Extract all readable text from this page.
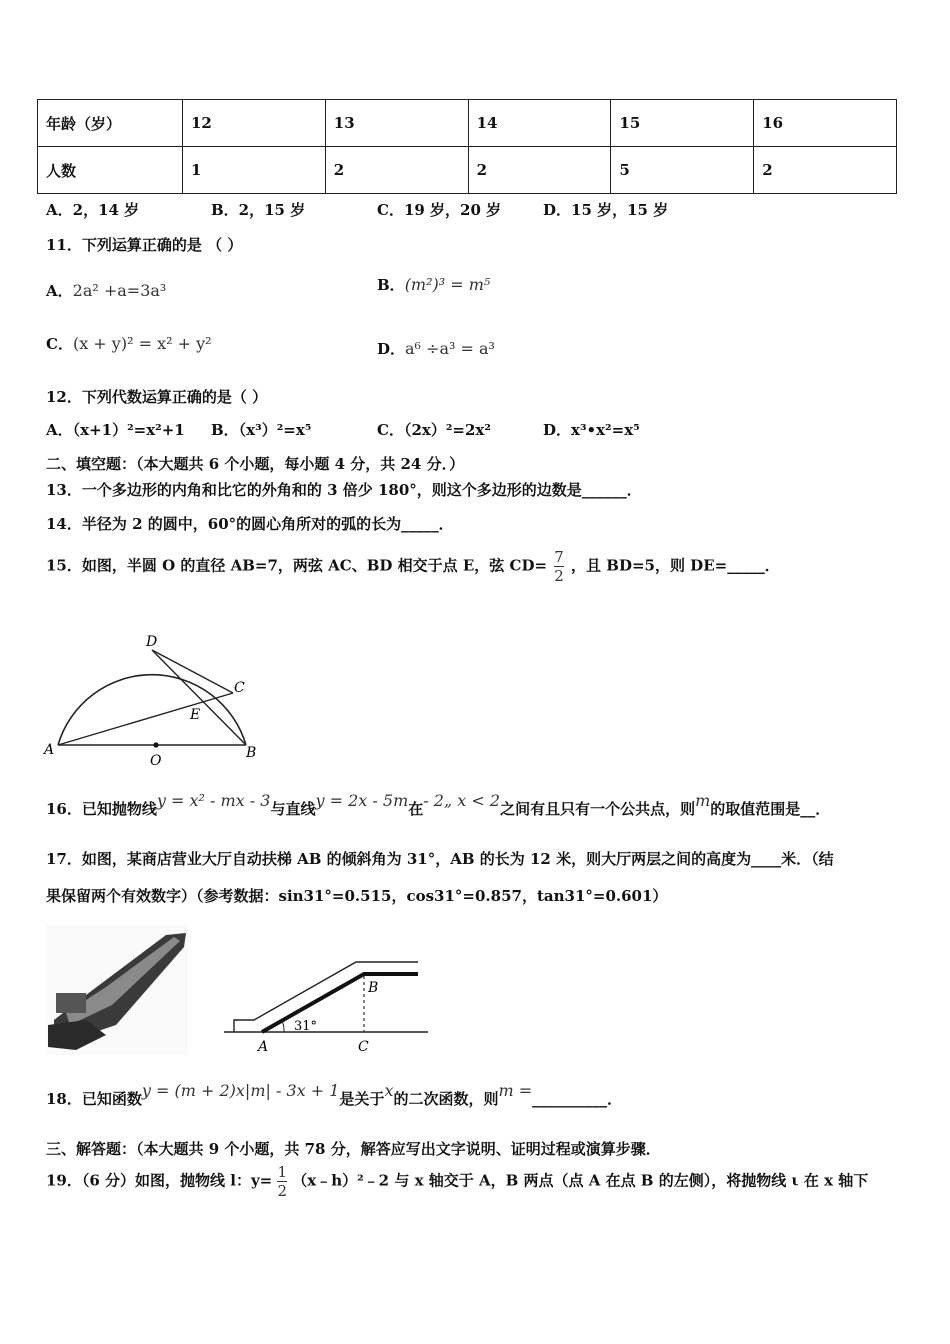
年龄（岁）	12	13	14	15	16
人数	1	2	2	5	2
A．2，14 岁	B．2，15 岁	C．19 岁，20 岁	D．15 岁，15 岁
11．下列运算正确的是 （ ）
A．2a² +a=3a³	B．(m²)³ = m⁵
C．(x + y)² = x² + y²	D．a⁶ ÷a³ = a³
12．下列代数运算正确的是（ ）
A．（x+1）²=x²+1 B．（x³）²=x⁵	C．（2x）²=2x²	D．x³•x²=x⁵
二、填空题：（本大题共 6 个小题，每小题 4 分，共 24 分．）
13．一个多边形的内角和比它的外角和的 3 倍少 180°，则这个多边形的边数是______．
14．半径为 2 的圆中，60°的圆心角所对的弧的长为_____．
15．如图，半圆 O 的直径 AB=7，两弦 AC、BD 相交于点 E，弦 $CD= \frac{7}{2}$ ，且 BD=5，则 DE=_____．
D
C
E
A	B
O
16．已知抛物线y = x² - mx - 3与直线y = 2x - 5m在- 2„ x < 2之间有且只有一个公共点，则m的取值范围是__．
17．如图，某商店营业大厅自动扶梯 AB 的倾斜角为 31°，AB 的长为 12 米，则大厅两层之间的高度为____米．（结
果保留两个有效数字）（参考数据：sin31°=0.515，cos31°=0.857，tan31°=0.601）
31°
B
A	C
18．已知函数y = (m + 2)x|m| - 3x + 1是关于x的二次函数，则m =__________．
三、解答题：（本大题共 9 个小题，共 78 分，解答应写出文字说明、证明过程或演算步骤．
19．（6 分）如图，抛物线 l：$y= \frac{1}{2}$ （x﹣h）²﹣2 与 x 轴交于 A，B 两点（点 A 在点 B 的左侧），将抛物线 ι 在 x 轴下
